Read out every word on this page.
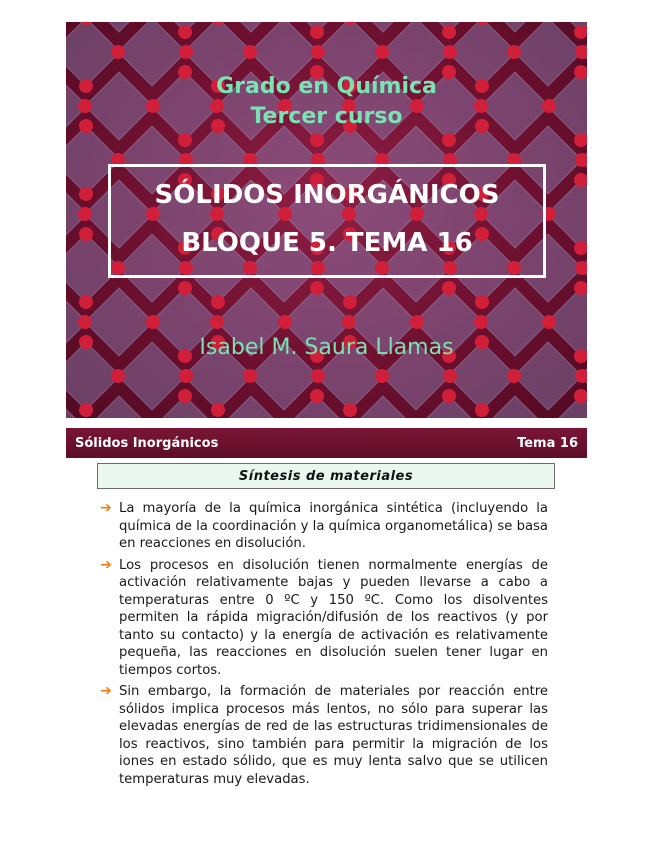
Grado en Química
Tercer curso
SÓLIDOS INORGÁNICOS
BLOQUE 5. TEMA 16
Isabel M. Saura Llamas
Sólidos Inorgánicos	Tema 16
Síntesis de materiales
➔ La mayoría de la química inorgánica sintética (incluyendo la química de la coordinación y la química organometálica) se basa en reacciones en disolución.
➔ Los procesos en disolución tienen normalmente energías de activación relativamente bajas y pueden llevarse a cabo a temperaturas entre 0 ºC y 150 ºC. Como los disolventes permiten la rápida migración/difusión de los reactivos (y por tanto su contacto) y la energía de activación es relativamente pequeña, las reacciones en disolución suelen tener lugar en tiempos cortos.
➔ Sin embargo, la formación de materiales por reacción entre sólidos implica procesos más lentos, no sólo para superar las elevadas energías de red de las estructuras tridimensionales de los reactivos, sino también para permitir la migración de los iones en estado sólido, que es muy lenta salvo que se utilicen temperaturas muy elevadas.
